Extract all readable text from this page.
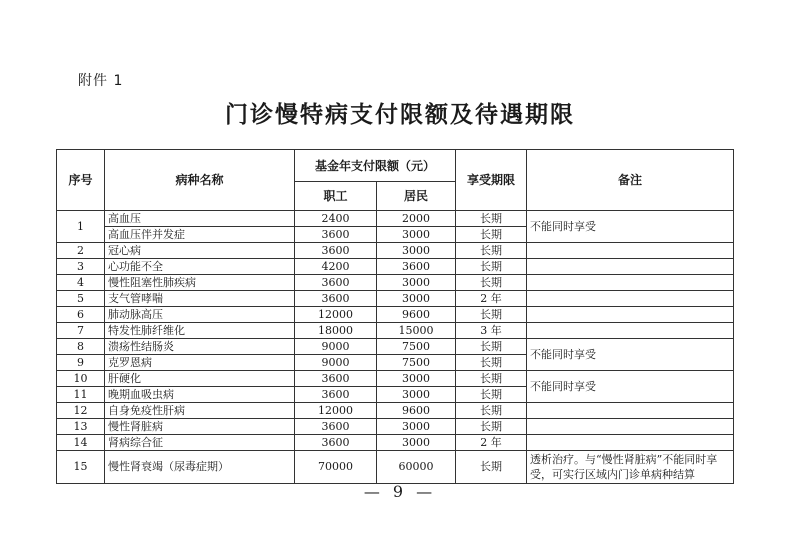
附件 1
门诊慢特病支付限额及待遇期限
序号	病种名称	基金年支付限额（元）		享受期限	备注
		职工	居民		
1	高血压	2400	2000	长期	不能同时享受
	高血压伴并发症	3600	3000	长期	
2	冠心病	3600	3000	长期	
3	心功能不全	4200	3600	长期	
4	慢性阻塞性肺疾病	3600	3000	长期	
5	支气管哮喘	3600	3000	2 年	
6	肺动脉高压	12000	9600	长期	
7	特发性肺纤维化	18000	15000	3 年	
8	溃疡性结肠炎	9000	7500	长期	不能同时享受
9	克罗恩病	9000	7500	长期	
10	肝硬化	3600	3000	长期	不能同时享受
11	晚期血吸虫病	3600	3000	长期	
12	自身免疫性肝病	12000	9600	长期	
13	慢性肾脏病	3600	3000	长期	
14	肾病综合征	3600	3000	2 年	
15	慢性肾衰竭（尿毒症期）	70000	60000	长期	透析治疗。与“慢性肾脏病”不能同时享受，可实行区域内门诊单病种结算
— 9 —
